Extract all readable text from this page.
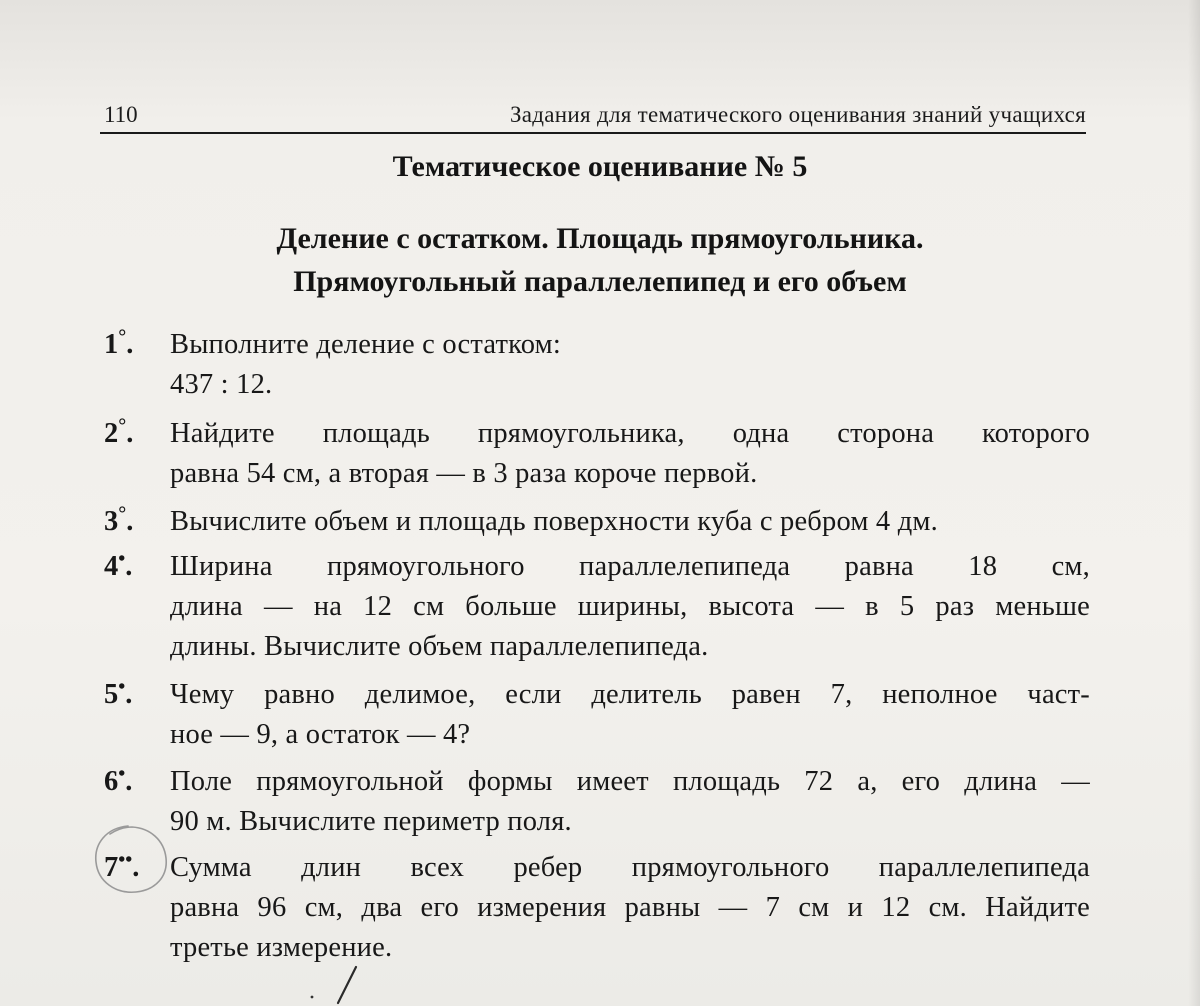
110	Задания для тематического оценивания знаний учащихся
Тематическое оценивание № 5
Деление с остатком. Площадь прямоугольника.
Прямоугольный параллелепипед и его объем
1°. Выполните деление с остатком:
437 : 12.
2°. Найдите площадь прямоугольника, одна сторона которого
равна 54 см, а вторая — в 3 раза короче первой.
3°. Вычислите объем и площадь поверхности куба с ребром 4 дм.
4•. Ширина прямоугольного параллелепипеда равна 18 см,
длина — на 12 см больше ширины, высота — в 5 раз меньше
длины. Вычислите объем параллелепипеда.
5•. Чему равно делимое, если делитель равен 7, неполное част-
ное — 9, а остаток — 4?
6•. Поле прямоугольной формы имеет площадь 72 а, его длина —
90 м. Вычислите периметр поля.
7••. Сумма длин всех ребер прямоугольного параллелепипеда
равна 96 см, два его измерения равны — 7 см и 12 см. Найдите
третье измерение.
